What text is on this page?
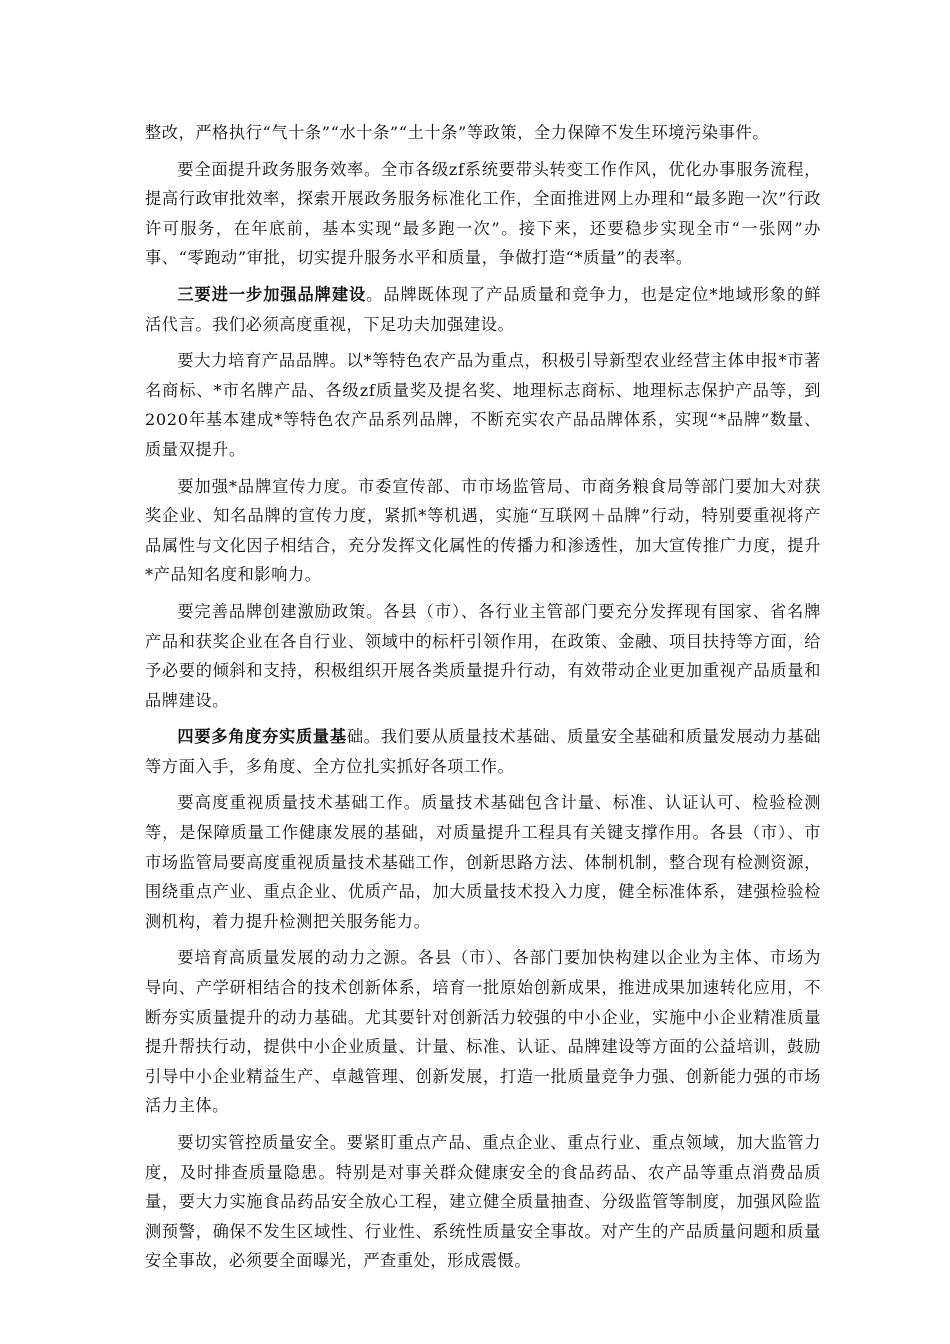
整改，严格执行“气十条”“水十条”“土十条”等政策，全力保障不发生环境污染事件。

要全面提升政务服务效率。全市各级zf系统要带头转变工作作风，优化办事服务流程，提高行政审批效率，探索开展政务服务标准化工作，全面推进网上办理和“最多跑一次”行政许可服务，在年底前，基本实现“最多跑一次”。接下来，还要稳步实现全市“一张网”办事、“零跑动”审批，切实提升服务水平和质量，争做打造“*质量”的表率。

三要进一步加强品牌建设。品牌既体现了产品质量和竞争力，也是定位*地域形象的鲜活代言。我们必须高度重视，下足功夫加强建设。

要大力培育产品品牌。以*等特色农产品为重点，积极引导新型农业经营主体申报*市著名商标、*市名牌产品、各级zf质量奖及提名奖、地理标志商标、地理标志保护产品等，到2020年基本建成*等特色农产品系列品牌，不断充实农产品品牌体系，实现“*品牌”数量、质量双提升。

要加强*品牌宣传力度。市委宣传部、市市场监管局、市商务粮食局等部门要加大对获奖企业、知名品牌的宣传力度，紧抓*等机遇，实施“互联网＋品牌”行动，特别要重视将产品属性与文化因子相结合，充分发挥文化属性的传播力和渗透性，加大宣传推广力度，提升*产品知名度和影响力。

要完善品牌创建激励政策。各县（市）、各行业主管部门要充分发挥现有国家、省名牌产品和获奖企业在各自行业、领域中的标杆引领作用，在政策、金融、项目扶持等方面，给予必要的倾斜和支持，积极组织开展各类质量提升行动，有效带动企业更加重视产品质量和品牌建设。

四要多角度夯实质量基础。我们要从质量技术基础、质量安全基础和质量发展动力基础等方面入手，多角度、全方位扎实抓好各项工作。

要高度重视质量技术基础工作。质量技术基础包含计量、标准、认证认可、检验检测等，是保障质量工作健康发展的基础，对质量提升工程具有关键支撑作用。各县（市）、市市场监管局要高度重视质量技术基础工作，创新思路方法、体制机制，整合现有检测资源，围绕重点产业、重点企业、优质产品，加大质量技术投入力度，健全标准体系，建强检验检测机构，着力提升检测把关服务能力。

要培育高质量发展的动力之源。各县（市）、各部门要加快构建以企业为主体、市场为导向、产学研相结合的技术创新体系，培育一批原始创新成果，推进成果加速转化应用，不断夯实质量提升的动力基础。尤其要针对创新活力较强的中小企业，实施中小企业精准质量提升帮扶行动，提供中小企业质量、计量、标准、认证、品牌建设等方面的公益培训，鼓励引导中小企业精益生产、卓越管理、创新发展，打造一批质量竞争力强、创新能力强的市场活力主体。

要切实管控质量安全。要紧盯重点产品、重点企业、重点行业、重点领域，加大监管力度，及时排查质量隐患。特别是对事关群众健康安全的食品药品、农产品等重点消费品质量，要大力实施食品药品安全放心工程，建立健全质量抽查、分级监管等制度，加强风险监测预警，确保不发生区域性、行业性、系统性质量安全事故。对产生的产品质量问题和质量安全事故，必须要全面曝光，严查重处，形成震慑。
